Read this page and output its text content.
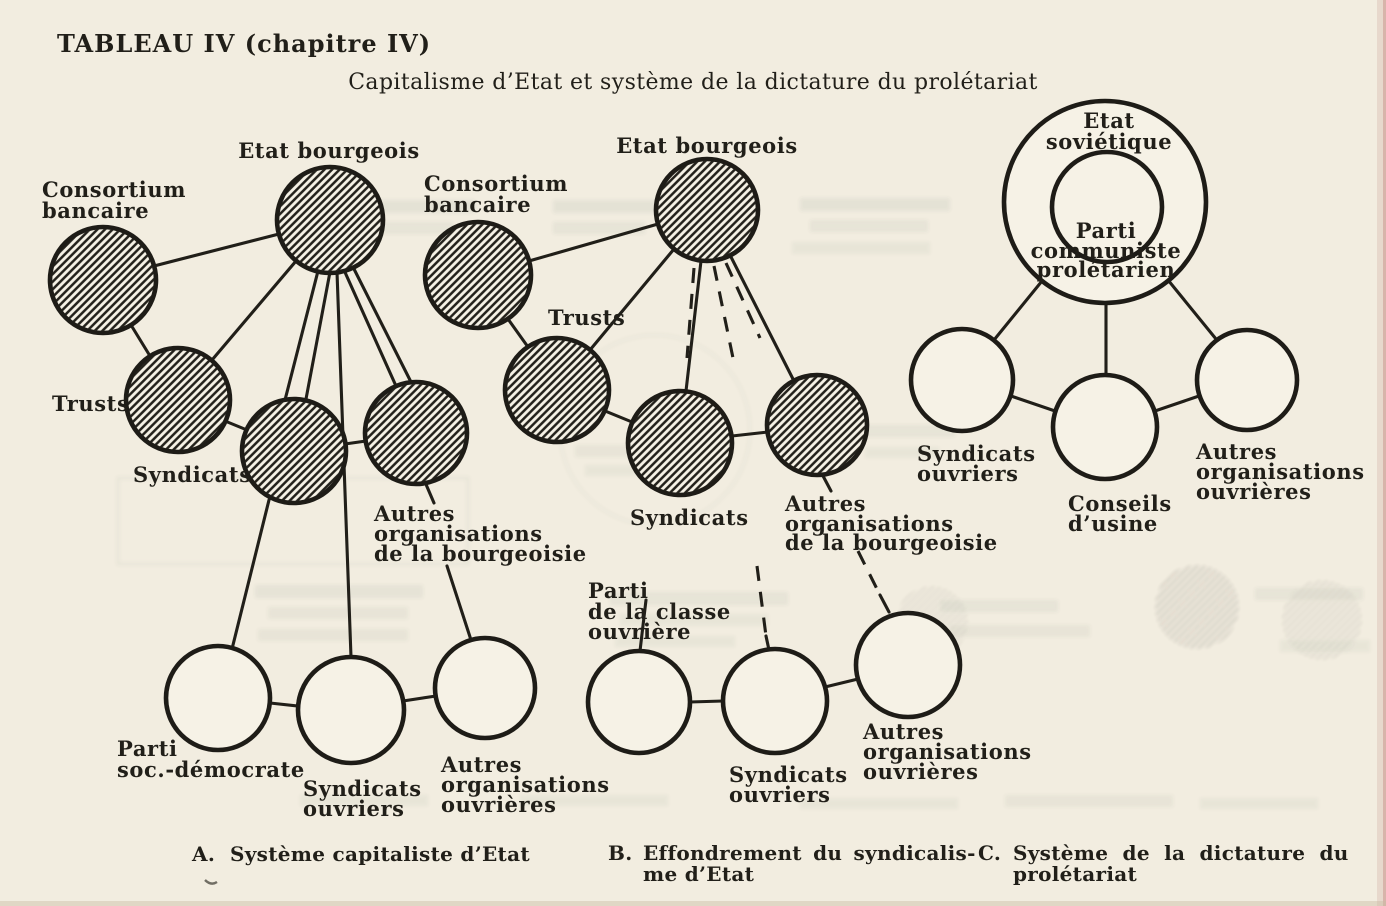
TABLEAU IV (chapitre IV)
Capitalisme d’Etat et système de la dictature du prolétariat
Etat bourgeois
Consortium
bancaire
Trusts
Syndicats
Autres
organisations
de la bourgeoisie
Parti
soc.-démocrate
Syndicats
ouvriers
Autres
organisations
ouvrières
Etat bourgeois
Consortium
bancaire
Trusts
Syndicats
Autres
organisations
de la bourgeoisie
Parti
de la classe
ouvrière
Syndicats
ouvriers
Autres
organisations
ouvrières
Etat
soviétique
Parti
communiste
prolétarien
Syndicats
ouvriers
Conseils
d’usine
Autres
organisations
ouvrières
A. Système capitaliste d’Etat	B. Effondrement du syndicalis-
me d’Etat
C. Système de la dictature du
prolétariat
